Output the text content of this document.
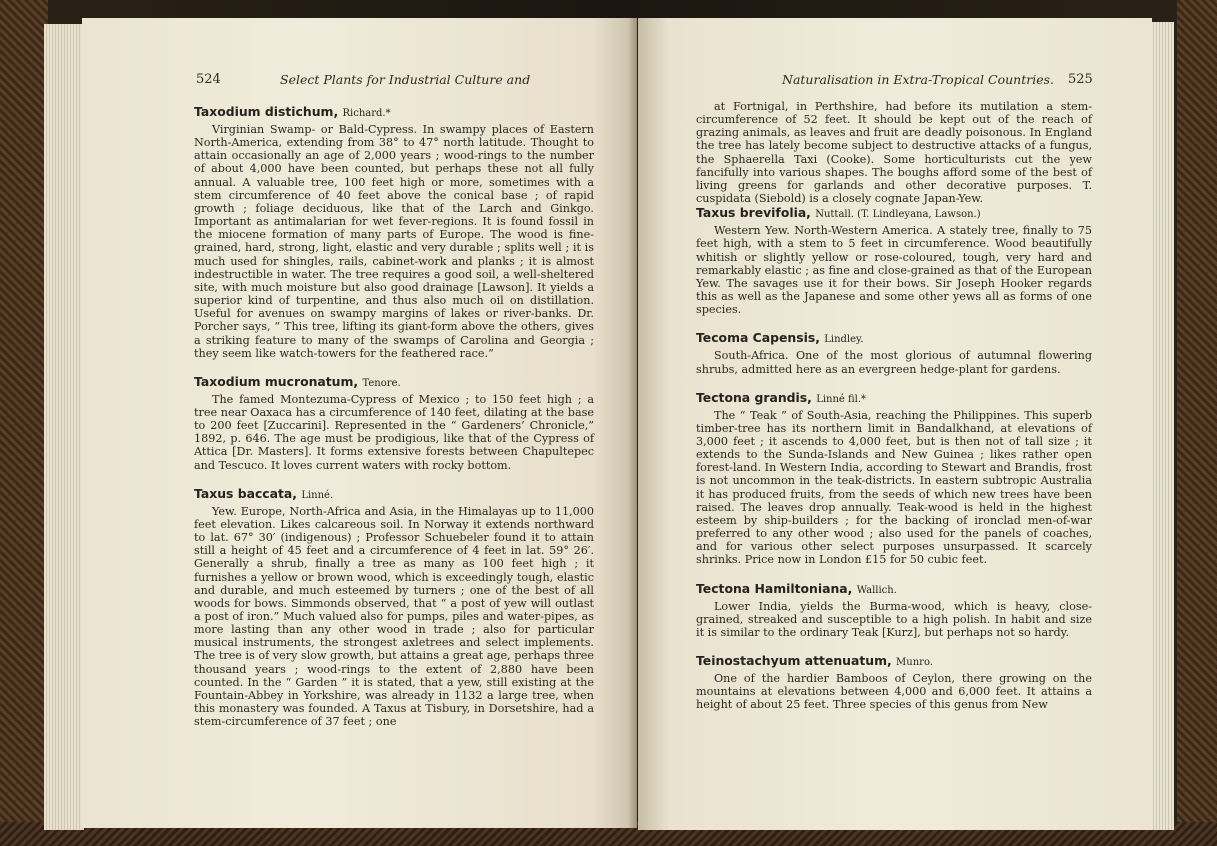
524	Select Plants for Industrial Culture and
Taxodium distichum, Richard.*

Virginian Swamp- or Bald-Cypress. In swampy places of Eastern North-America, extending from 38° to 47° north latitude. Thought to attain occasionally an age of 2,000 years ; wood-rings to the number of about 4,000 have been counted, but perhaps these not all fully annual. A valuable tree, 100 feet high or more, sometimes with a stem circumference of 40 feet above the conical base ; of rapid growth ; foliage deciduous, like that of the Larch and Ginkgo. Important as antimalarian for wet fever-regions. It is found fossil in the miocene formation of many parts of Europe. The wood is fine-grained, hard, strong, light, elastic and very durable ; splits well ; it is much used for shingles, rails, cabinet-work and planks ; it is almost indestructible in water. The tree requires a good soil, a well-sheltered site, with much moisture but also good drainage [Lawson]. It yields a superior kind of turpentine, and thus also much oil on distillation. Useful for avenues on swampy margins of lakes or river-banks. Dr. Porcher says, “ This tree, lifting its giant-form above the others, gives a striking feature to many of the swamps of Carolina and Georgia ; they seem like watch-towers for the feathered race.”

Taxodium mucronatum, Tenore.

The famed Montezuma-Cypress of Mexico ; to 150 feet high ; a tree near Oaxaca has a circumference of 140 feet, dilating at the base to 200 feet [Zuccarini]. Represented in the “ Gardeners’ Chronicle,” 1892, p. 646. The age must be prodigious, like that of the Cypress of Attica [Dr. Masters]. It forms extensive forests between Chapultepec and Tescuco. It loves current waters with rocky bottom.

Taxus baccata, Linné.

Yew. Europe, North-Africa and Asia, in the Himalayas up to 11,000 feet elevation. Likes calcareous soil. In Norway it extends northward to lat. 67° 30′ (indigenous) ; Professor Schuebeler found it to attain still a height of 45 feet and a circumference of 4 feet in lat. 59° 26′. Generally a shrub, finally a tree as many as 100 feet high ; it furnishes a yellow or brown wood, which is exceedingly tough, elastic and durable, and much esteemed by turners ; one of the best of all woods for bows. Simmonds observed, that “ a post of yew will outlast a post of iron.” Much valued also for pumps, piles and water-pipes, as more lasting than any other wood in trade ; also for particular musical instruments, the strongest axletrees and select implements. The tree is of very slow growth, but attains a great age, perhaps three thousand years ; wood-rings to the extent of 2,880 have been counted. In the “ Garden ” it is stated, that a yew, still existing at the Fountain-Abbey in Yorkshire, was already in 1132 a large tree, when this monastery was founded. A Taxus at Tisbury, in Dorsetshire, had a stem-circumference of 37 feet ; one

Naturalisation in Extra-Tropical Countries. 525

at Fortnigal, in Perthshire, had before its mutilation a stem-circumference of 52 feet. It should be kept out of the reach of grazing animals, as leaves and fruit are deadly poisonous. In England the tree has lately become subject to destructive attacks of a fungus, the Sphaerella Taxi (Cooke). Some horticulturists cut the yew fancifully into various shapes. The boughs afford some of the best of living greens for garlands and other decorative purposes. T. cuspidata (Siebold) is a closely cognate Japan-Yew.

Taxus brevifolia, Nuttall. (T. Lindleyana, Lawson.)

Western Yew. North-Western America. A stately tree, finally to 75 feet high, with a stem to 5 feet in circumference. Wood beautifully whitish or slightly yellow or rose-coloured, tough, very hard and remarkably elastic ; as fine and close-grained as that of the European Yew. The savages use it for their bows. Sir Joseph Hooker regards this as well as the Japanese and some other yews all as forms of one species.

Tecoma Capensis, Lindley.

South-Africa. One of the most glorious of autumnal flowering shrubs, admitted here as an evergreen hedge-plant for gardens.

Tectona grandis, Linné fil.*

The “ Teak ” of South-Asia, reaching the Philippines. This superb timber-tree has its northern limit in Bandalkhand, at elevations of 3,000 feet ; it ascends to 4,000 feet, but is then not of tall size ; it extends to the Sunda-Islands and New Guinea ; likes rather open forest-land. In Western India, according to Stewart and Brandis, frost is not uncommon in the teak-districts. In eastern subtropic Australia it has produced fruits, from the seeds of which new trees have been raised. The leaves drop annually. Teak-wood is held in the highest esteem by ship-builders ; for the backing of ironclad men-of-war preferred to any other wood ; also used for the panels of coaches, and for various other select purposes unsurpassed. It scarcely shrinks. Price now in London £15 for 50 cubic feet.

Tectona Hamiltoniana, Wallich.

Lower India, yields the Burma-wood, which is heavy, close-grained, streaked and susceptible to a high polish. In habit and size it is similar to the ordinary Teak [Kurz], but perhaps not so hardy.

Teinostachyum attenuatum, Munro.

One of the hardier Bamboos of Ceylon, there growing on the mountains at elevations between 4,000 and 6,000 feet. It attains a height of about 25 feet. Three species of this genus from New
